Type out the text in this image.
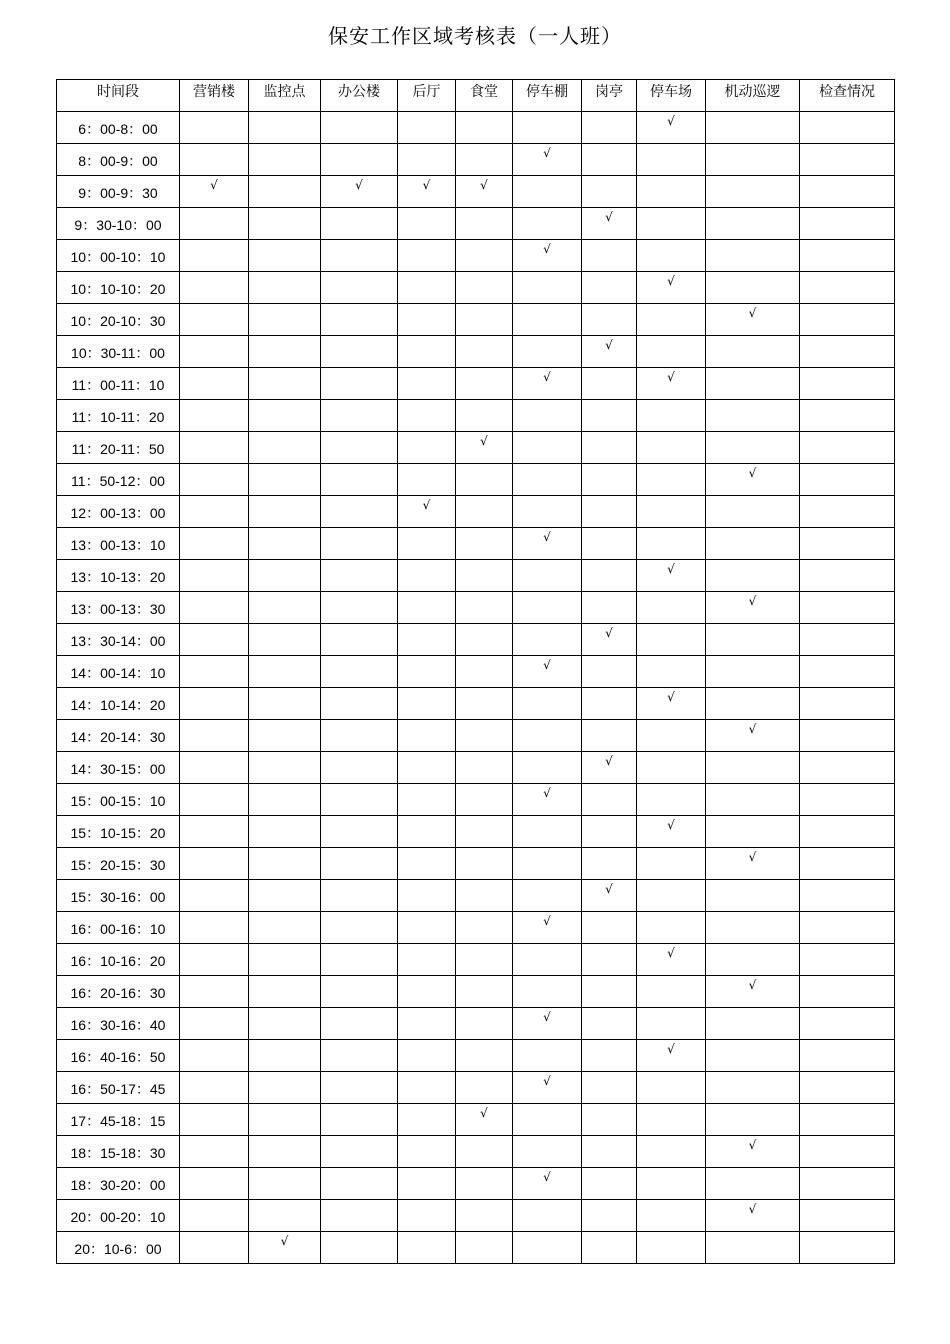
保安工作区域考核表（一人班）
时间段	营销楼	监控点	办公楼	后厅	食堂	停车棚	岗亭	停车场	机动巡逻	检查情况
6：00-8：00								√		
8：00-9：00						√				
9：00-9：30	√		√	√	√					
9：30-10：00							√			
10：00-10：10						√				
10：10-10：20								√		
10：20-10：30									√	
10：30-11：00							√			
11：00-11：10						√		√		
11：10-11：20										
11：20-11：50					√					
11：50-12：00									√	
12：00-13：00				√						
13：00-13：10						√				
13：10-13：20								√		
13：00-13：30									√	
13：30-14：00							√			
14：00-14：10						√				
14：10-14：20								√		
14：20-14：30									√	
14：30-15：00							√			
15：00-15：10						√				
15：10-15：20								√		
15：20-15：30									√	
15：30-16：00							√			
16：00-16：10						√				
16：10-16：20								√		
16：20-16：30									√	
16：30-16：40						√				
16：40-16：50								√		
16：50-17：45						√				
17：45-18：15					√					
18：15-18：30									√	
18：30-20：00						√				
20：00-20：10									√	
20：10-6：00		√								
